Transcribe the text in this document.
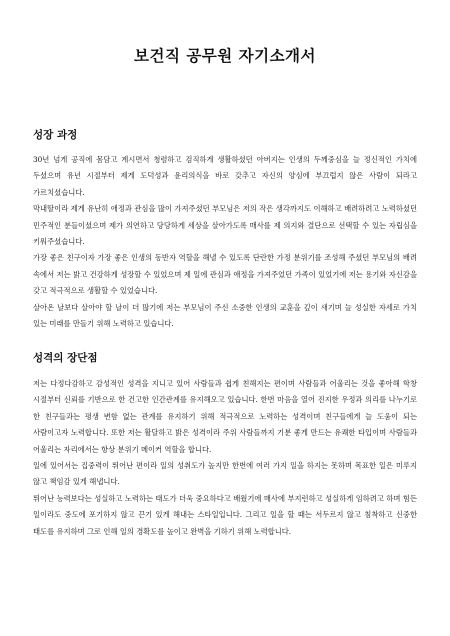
보건직 공무원 자기소개서
성장 과정

30년 넘게 공직에 몸담고 계시면서 청렴하고 검직하게 생활하셨던 아버지는 인생의 두께중심을 늘 정신적인 가치에 두셨으며 유년 시절부터 제게 도덕성과 윤리의식을 바로 갖추고 자신의 양심에 부끄럽지 않은 사람이 되라고 가르치셨습니다.

막내딸이라 제게 유난히 애정과 관심을 많이 가져주셨던 부모님은 저의 작은 생각까지도 이해하고 배려하려고 노력하셨던 민주적인 분들이셨으며 제가 의연하고 당당하게 세상을 살아가도록 매사를 제 의지와 결단으로 선택할 수 있는 자립심을 키워주셨습니다.

가장 좋은 친구이자 가장 좋은 인생의 동반자 역할을 해낼 수 있도록 단란한 가정 분위기를 조성해 주셨던 부모님의 배려 속에서 저는 밝고 건강하게 성장할 수 있었으며 제 일에 관심과 애정을 가져주었던 가족이 있었기에 저는 용기와 자신감을 갖고 적극적으로 생활할 수 있었습니다.

살아온 날보다 살아야 할 날이 더 많기에 저는 부모님이 주신 소중한 인생의 교훈을 깊이 새기며 늘 성실한 자세로 가치 있는 미래를 만들기 위해 노력하고 있습니다.

성격의 장단점

저는 다정다감하고 감성적인 성격을 지니고 있어 사람들과 쉽게 친해지는 편이며 사람들과 어울리는 것을 좋아해 학창 시절부터 신뢰를 기반으로 한 건고한 인간관계를 유지해오고 있습니다. 한번 마음을 열어 진지한 우정과 의리를 나누기로 한 친구들과는 평생 변함 없는 관계를 유지하기 위해 적극적으로 노력하는 성격이며 친구들에게 늘 도움이 되는 사람이고자 노력합니다. 또한 저는 활달하고 밝은 성격이라 주위 사람들까지 기분 좋게 만드는 유쾌한 타입이며 사람들과 어울리는 자리에서는 항상 분위기 메이커 역할을 합니다.

일에 있어서는 집중력이 뛰어난 편이라 일의 성취도가 높지만 한번에 여러 가지 일을 하지는 못하며 목표한 일은 미루지 않고 책임감 있게 해냅니다.

뛰어난 능력보다는 성실하고 노력하는 태도가 더욱 중요하다고 배웠기에 매사에 부지런하고 성실하게 임하려고 하며 힘든 일이라도 중도에 포기하지 않고 끈기 있게 해내는 스타일입니다. 그리고 일을 할 때는 서두르지 않고 침착하고 신중한 태도를 유지하며 그로 인해 일의 경확도를 높이고 완벽을 기하기 위해 노력합니다.
